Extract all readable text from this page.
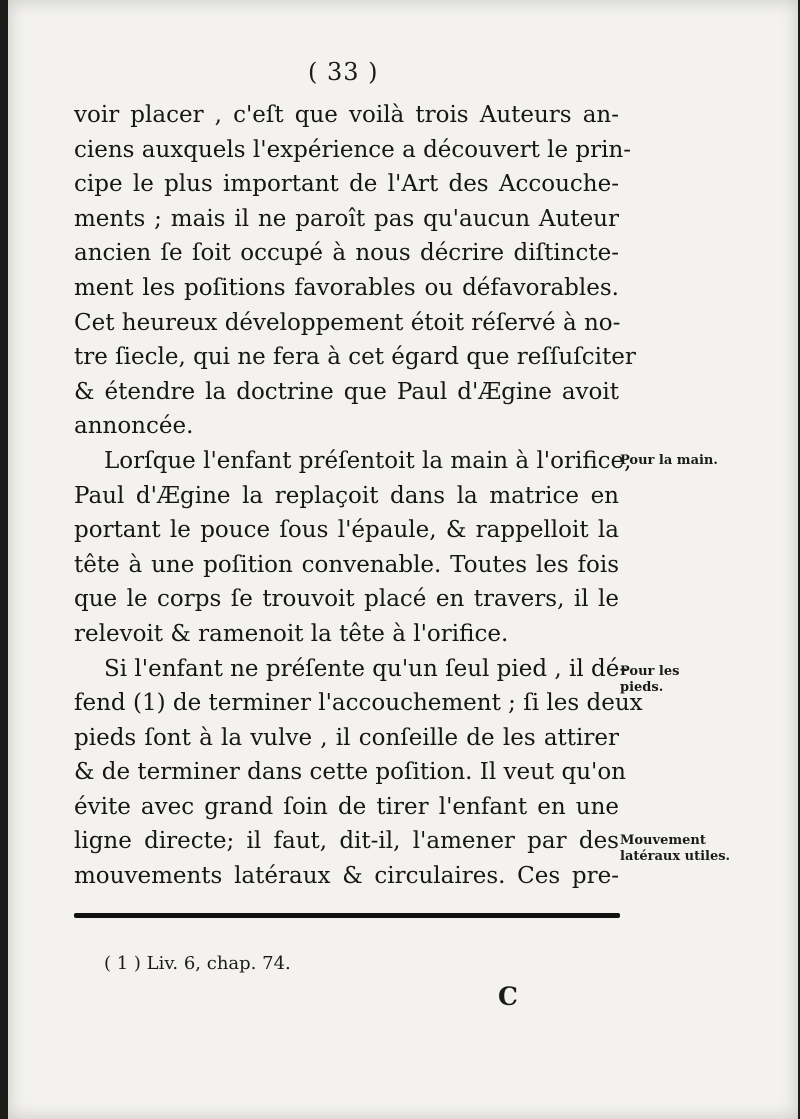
( 33 )

voir placer , c'eſt que voilà trois Auteurs an-
ciens auxquels l'expérience a découvert le prin-
cipe le plus important de l'Art des Accouche-
ments ; mais il ne paroît pas qu'aucun Auteur
ancien ſe ſoit occupé à nous décrire diſtincte-
ment les poſitions favorables ou défavorables.
Cet heureux développement étoit réſervé à no-
tre ſiecle, qui ne fera à cet égard que reſſuſciter
& étendre la doctrine que Paul d'Ægine avoit
annoncée.

Lorſque l'enfant préſentoit la main à l'orifice,
Paul d'Ægine la replaçoit dans la matrice en
portant le pouce ſous l'épaule, & rappelloit la
tête à une poſition convenable. Toutes les fois
que le corps ſe trouvoit placé en travers, il le
relevoit & ramenoit la tête à l'orifice.

Si l'enfant ne préſente qu'un ſeul pied , il dé-
fend (1) de terminer l'accouchement ; ſi les deux
pieds ſont à la vulve , il conſeille de les attirer
& de terminer dans cette poſition. Il veut qu'on
évite avec grand ſoin de tirer l'enfant en une
ligne directe; il faut, dit-il, l'amener par des
mouvements latéraux & circulaires. Ces pre-

Pour la main.
Pour les pieds.
Mouvement latéraux utiles.
( 1 ) Liv. 6, chap. 74.
C
